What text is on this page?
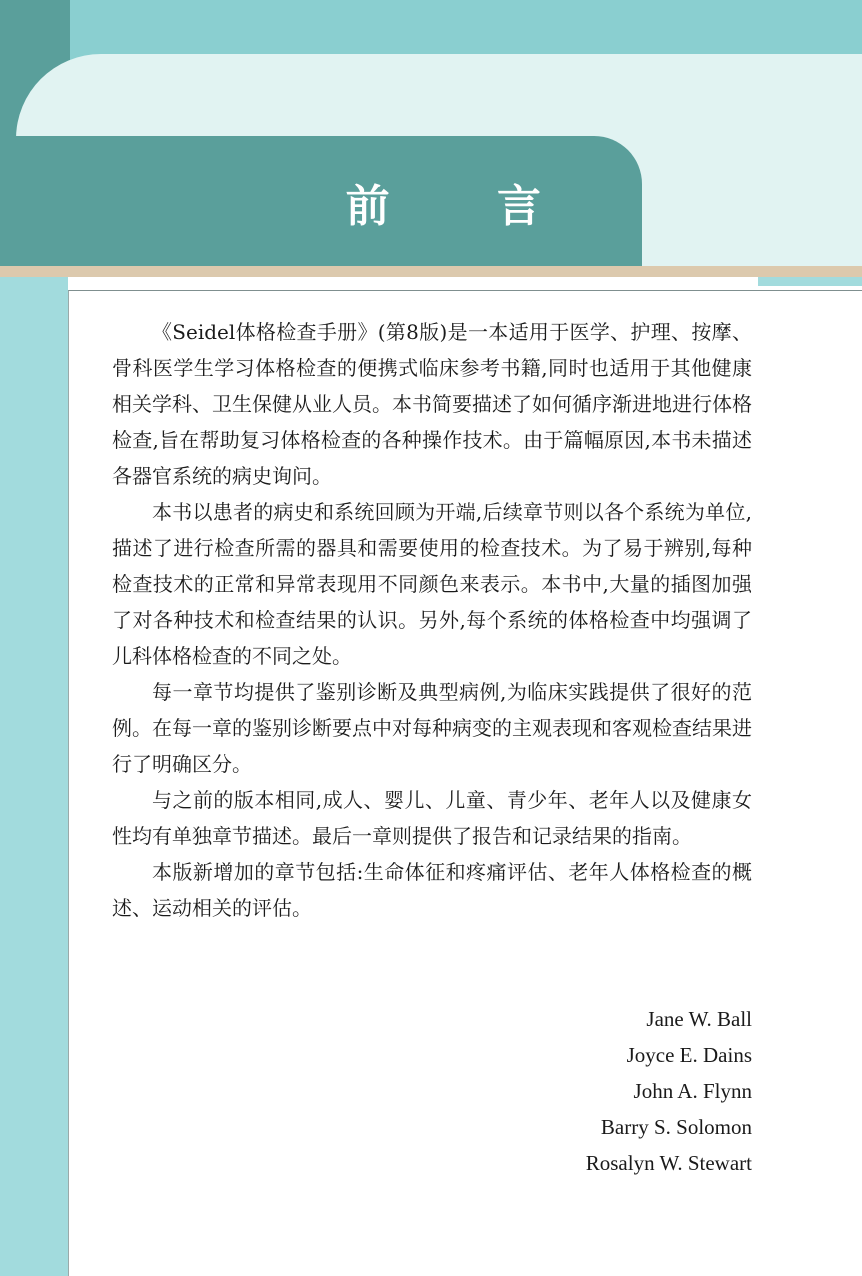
前 言

《Seidel体格检查手册》(第8版)是一本适用于医学、护理、按摩、骨科医学生学习体格检查的便携式临床参考书籍,同时也适用于其他健康相关学科、卫生保健从业人员。本书简要描述了如何循序渐进地进行体格检查,旨在帮助复习体格检查的各种操作技术。由于篇幅原因,本书未描述各器官系统的病史询问。

本书以患者的病史和系统回顾为开端,后续章节则以各个系统为单位,描述了进行检查所需的器具和需要使用的检查技术。为了易于辨别,每种检查技术的正常和异常表现用不同颜色来表示。本书中,大量的插图加强了对各种技术和检查结果的认识。另外,每个系统的体格检查中均强调了儿科体格检查的不同之处。

每一章节均提供了鉴别诊断及典型病例,为临床实践提供了很好的范例。在每一章的鉴别诊断要点中对每种病变的主观表现和客观检查结果进行了明确区分。

与之前的版本相同,成人、婴儿、儿童、青少年、老年人以及健康女性均有单独章节描述。最后一章则提供了报告和记录结果的指南。

本版新增加的章节包括:生命体征和疼痛评估、老年人体格检查的概述、运动相关的评估。

Jane W. Ball
Joyce E. Dains
John A. Flynn
Barry S. Solomon
Rosalyn W. Stewart
